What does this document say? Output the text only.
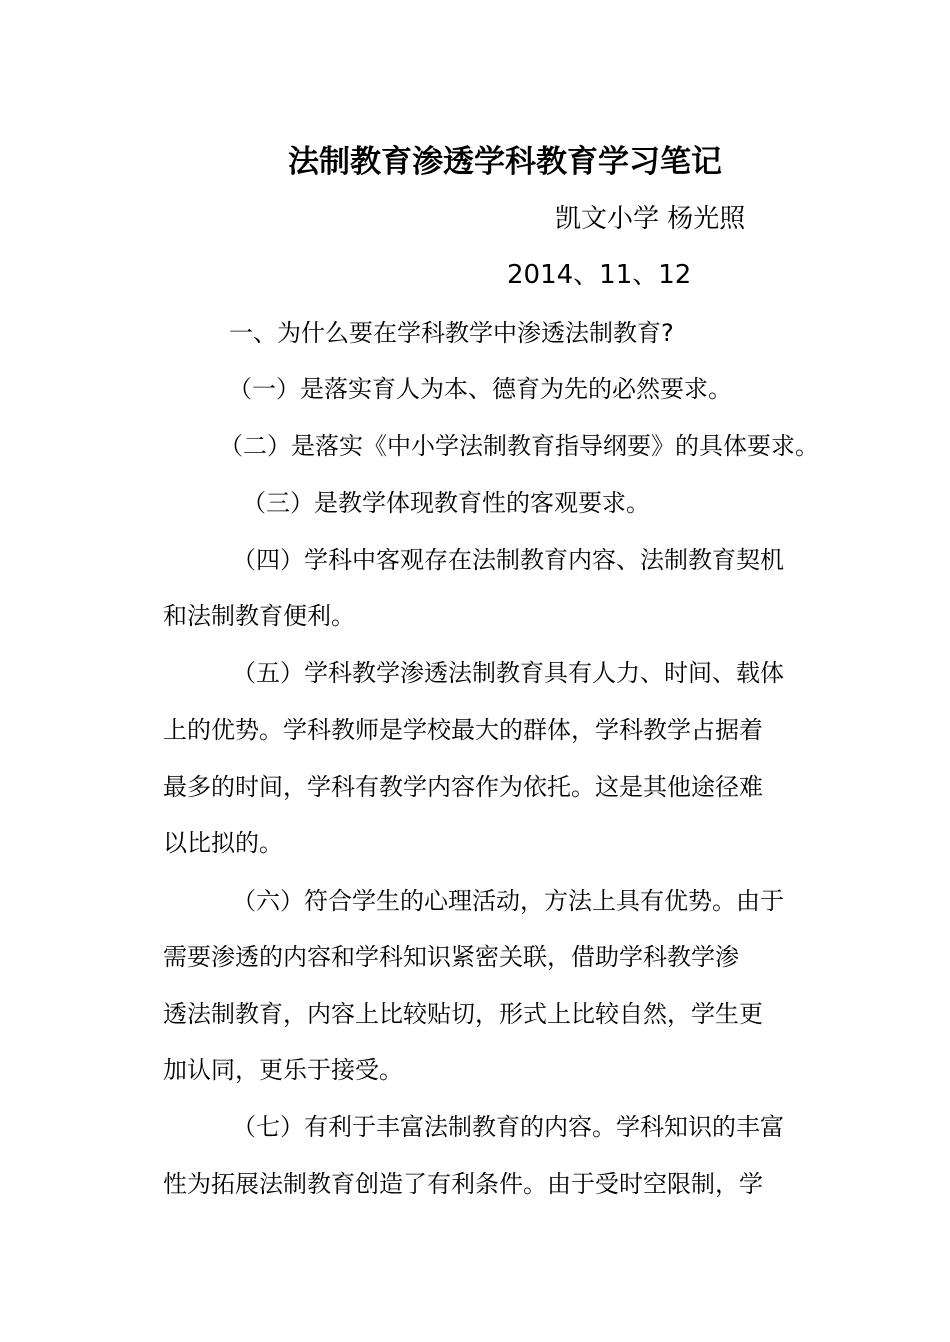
法制教育渗透学科教育学习笔记
凯文小学 杨光照
2014、11、12
一、为什么要在学科教学中渗透法制教育?
（一）是落实育人为本、德育为先的必然要求。
（二）是落实《中小学法制教育指导纲要》的具体要求。
（三）是教学体现教育性的客观要求。
（四）学科中客观存在法制教育内容、法制教育契机
和法制教育便利。
（五）学科教学渗透法制教育具有人力、时间、载体
上的优势。学科教师是学校最大的群体，学科教学占据着
最多的时间，学科有教学内容作为依托。这是其他途径难
以比拟的。
（六）符合学生的心理活动，方法上具有优势。由于
需要渗透的内容和学科知识紧密关联，借助学科教学渗
透法制教育，内容上比较贴切，形式上比较自然，学生更
加认同，更乐于接受。
（七）有利于丰富法制教育的内容。学科知识的丰富
性为拓展法制教育创造了有利条件。由于受时空限制，学
